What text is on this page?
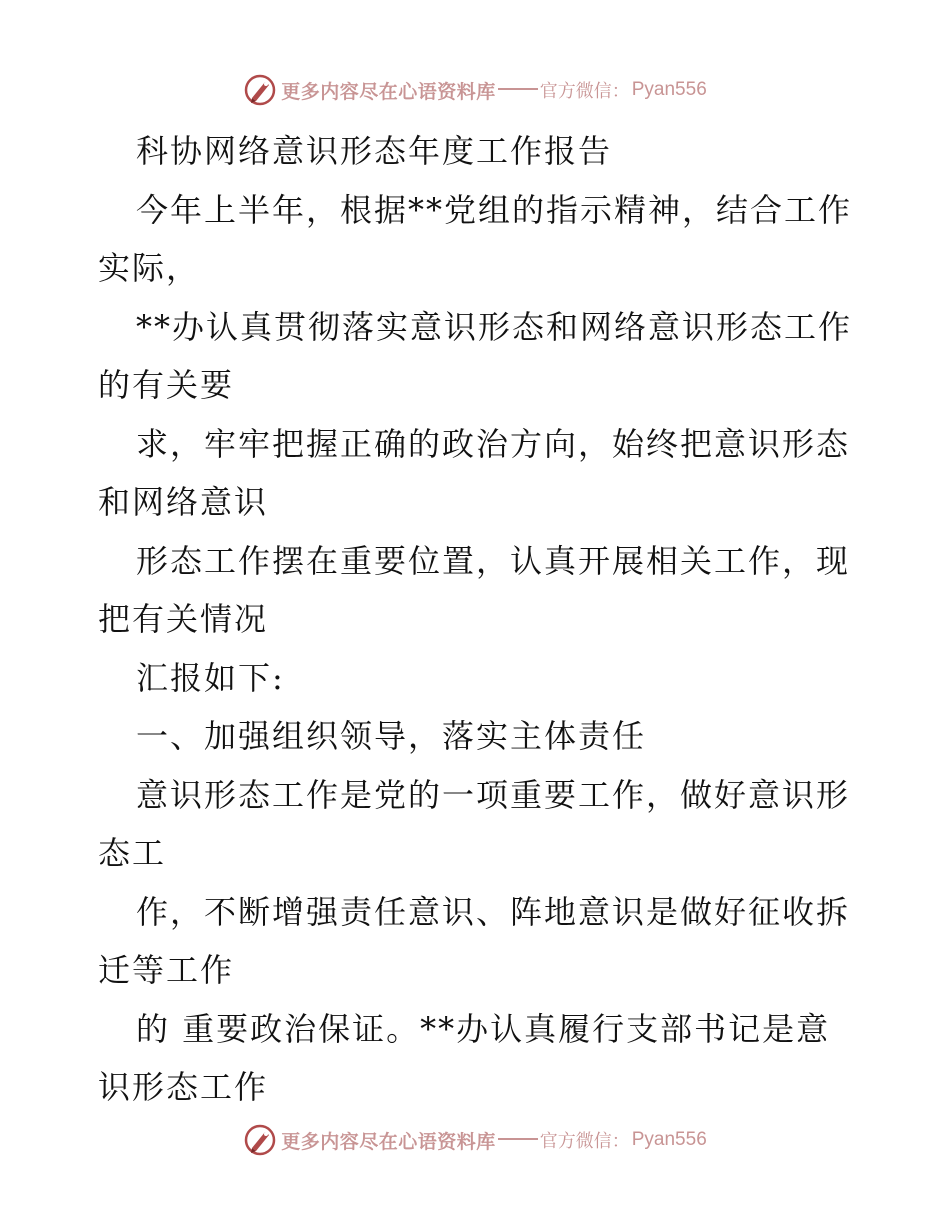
更多内容尽在心语资料库 官方微信： Pyan556
科协网络意识形态年度工作报告
今年上半年，根据**党组的指示精神，结合工作
实际，
**办认真贯彻落实意识形态和网络意识形态工作
的有关要
求，牢牢把握正确的政治方向，始终把意识形态
和网络意识
形态工作摆在重要位置，认真开展相关工作，现
把有关情况
汇报如下:
一、加强组织领导，落实主体责任
意识形态工作是党的一项重要工作，做好意识形
态工
作，不断增强责任意识、阵地意识是做好征收拆
迁等工作
的 重要政治保证。**办认真履行支部书记是意
识形态工作
更多内容尽在心语资料库 官方微信： Pyan556
